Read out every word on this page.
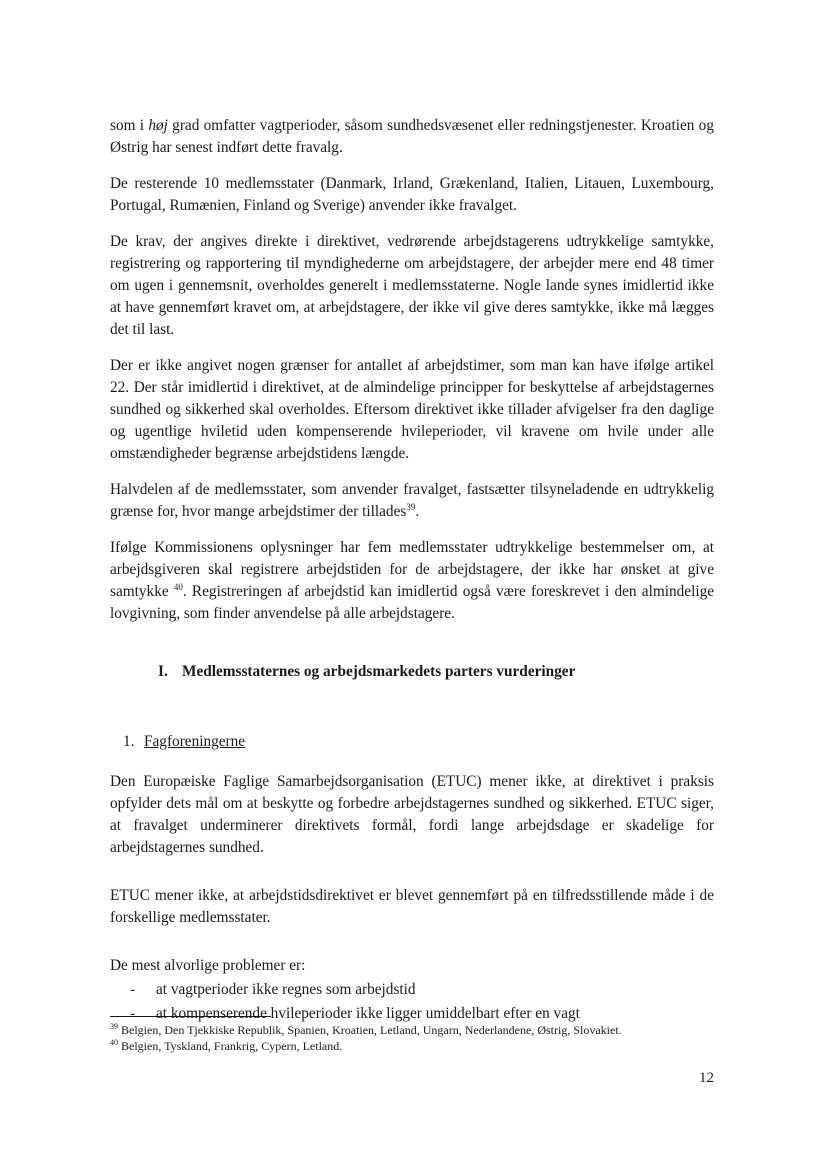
som i høj grad omfatter vagtperioder, såsom sundhedsvæsenet eller redningstjenester. Kroatien og Østrig har senest indført dette fravalg.

De resterende 10 medlemsstater (Danmark, Irland, Grækenland, Italien, Litauen, Luxembourg, Portugal, Rumænien, Finland og Sverige) anvender ikke fravalget.

De krav, der angives direkte i direktivet, vedrørende arbejdstagerens udtrykkelige samtykke, registrering og rapportering til myndighederne om arbejdstagere, der arbejder mere end 48 timer om ugen i gennemsnit, overholdes generelt i medlemsstaterne. Nogle lande synes imidlertid ikke at have gennemført kravet om, at arbejdstagere, der ikke vil give deres samtykke, ikke må lægges det til last.

Der er ikke angivet nogen grænser for antallet af arbejdstimer, som man kan have ifølge artikel 22. Der står imidlertid i direktivet, at de almindelige principper for beskyttelse af arbejdstagernes sundhed og sikkerhed skal overholdes. Eftersom direktivet ikke tillader afvigelser fra den daglige og ugentlige hviletid uden kompenserende hvileperioder, vil kravene om hvile under alle omstændigheder begrænse arbejdstidens længde.

Halvdelen af de medlemsstater, som anvender fravalget, fastsætter tilsyneladende en udtrykkelig grænse for, hvor mange arbejdstimer der tillades$^{39}$.

Ifølge Kommissionens oplysninger har fem medlemsstater udtrykkelige bestemmelser om, at arbejdsgiveren skal registrere arbejdstiden for de arbejdstagere, der ikke har ønsket at give samtykke $^{40}$. Registreringen af arbejdstid kan imidlertid også være foreskrevet i den almindelige lovgivning, som finder anvendelse på alle arbejdstagere.

I. Medlemsstaternes og arbejdsmarkedets parters vurderinger
1. Fagforeningerne

Den Europæiske Faglige Samarbejdsorganisation (ETUC) mener ikke, at direktivet i praksis opfylder dets mål om at beskytte og forbedre arbejdstagernes sundhed og sikkerhed. ETUC siger, at fravalget underminerer direktivets formål, fordi lange arbejdsdage er skadelige for arbejdstagernes sundhed.

ETUC mener ikke, at arbejdstidsdirektivet er blevet gennemført på en tilfredsstillende måde i de forskellige medlemsstater.

De mest alvorlige problemer er:

- at vagtperioder ikke regnes som arbejdstid
- at kompenserende hvileperioder ikke ligger umiddelbart efter en vagt
$^{39}$ Belgien, Den Tjekkiske Republik, Spanien, Kroatien, Letland, Ungarn, Nederlandene, Østrig, Slovakiet.
$^{40}$ Belgien, Tyskland, Frankrig, Cypern, Letland.
12
